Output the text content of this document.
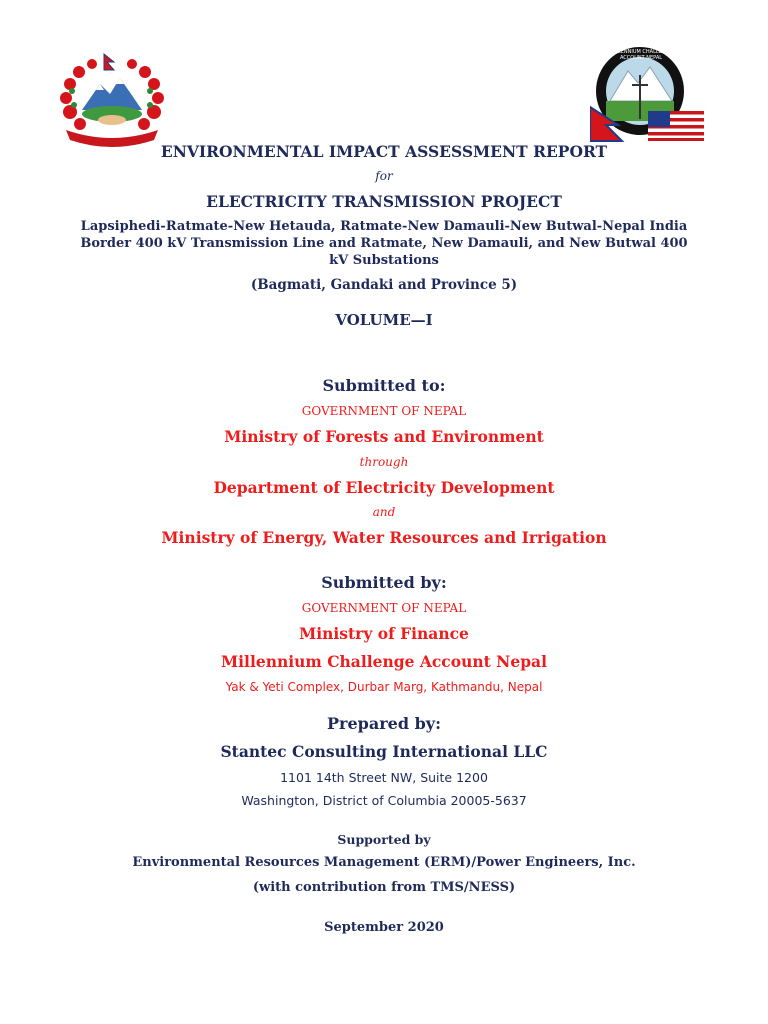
नेपाल सरकार
MILLENNIUM CHALLENGE ACCOUNT NEPAL
ENVIRONMENTAL IMPACT ASSESSMENT REPORT
for
ELECTRICITY TRANSMISSION PROJECT
Lapsiphedi-Ratmate-New Hetauda, Ratmate-New Damauli-New Butwal-Nepal India
Border 400 kV Transmission Line and Ratmate, New Damauli, and New Butwal 400
kV Substations
(Bagmati, Gandaki and Province 5)
VOLUME—I
Submitted to:
GOVERNMENT OF NEPAL
Ministry of Forests and Environment
through
Department of Electricity Development
and
Ministry of Energy, Water Resources and Irrigation
Submitted by:
GOVERNMENT OF NEPAL
Ministry of Finance
Millennium Challenge Account Nepal
Yak & Yeti Complex, Durbar Marg, Kathmandu, Nepal
Prepared by:
Stantec Consulting International LLC
1101 14th Street NW, Suite 1200
Washington, District of Columbia 20005-5637
Supported by
Environmental Resources Management (ERM)/Power Engineers, Inc.
(with contribution from TMS/NESS)
September 2020
